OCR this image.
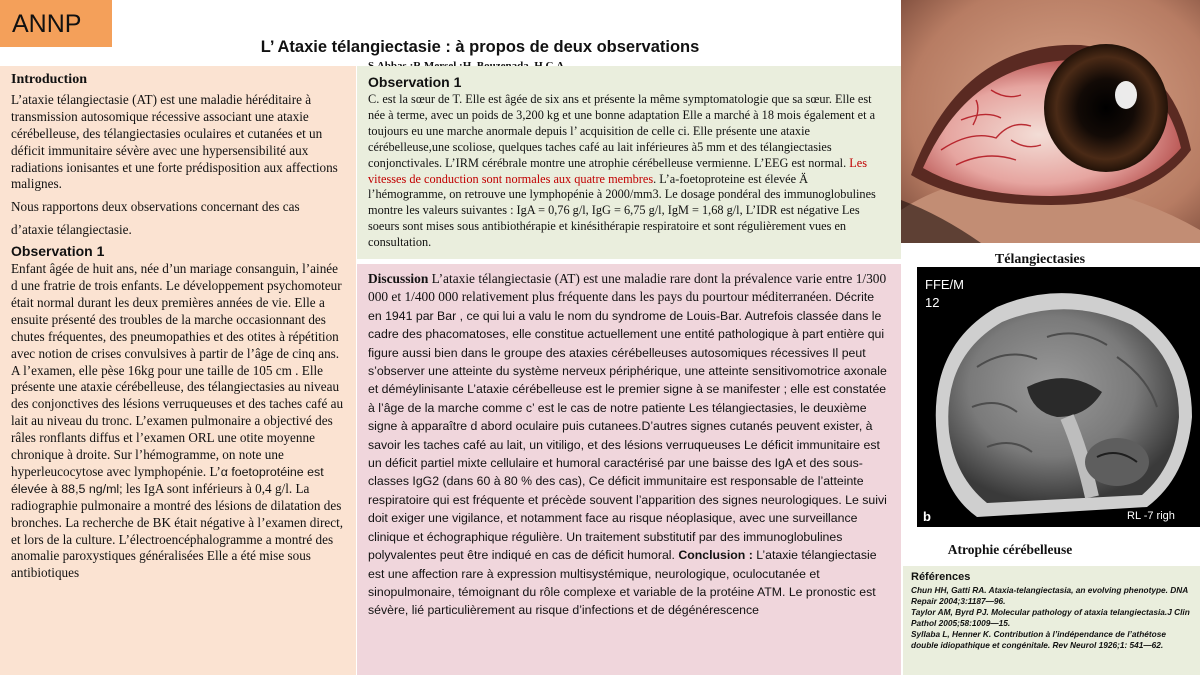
ANNP
L’ Ataxie télangiectasie : à propos de deux observations

Introduction

L’ataxie télangiectasie (AT) est une maladie héréditaire à transmission autosomique récessive associant une ataxie cérébelleuse, des télangiectasies oculaires et cutanées et un déficit immunitaire sévère avec une hypersensibilité aux radiations ionisantes et une forte prédisposition aux affections malignes.

Nous rapportons deux observations concernant des cas

d’ataxie télangiectasie.

Observation 1

Enfant âgée de huit ans, née d’un mariage consanguin, l’ainée d une fratrie de trois enfants. Le développement psychomoteur était normal durant les deux premières années de vie. Elle a ensuite présenté des troubles de la marche occasionnant des chutes fréquentes, des pneumopathies et des otites à répétition avec notion de crises convulsives à partir de l’âge de cinq ans. A l’examen, elle pèse 16kg pour une taille de 105 cm . Elle présente une ataxie cérébelleuse, des télangiectasies au niveau des conjonctives des lésions verruqueuses et des taches café au lait au niveau du tronc. L’examen pulmonaire a objectivé des râles ronflants diffus et l’examen ORL une otite moyenne chronique à droite. Sur l’hémogramme, on note une hyperleucocytose avec lymphopénie. L’α foetoprotéine est élevée à 88,5 ng/ml; les IgA sont inférieurs à 0,4 g/l. La radiographie pulmonaire a montré des lésions de dilatation des bronches. La recherche de BK était négative à l’examen direct, et lors de la culture. L’électroencéphalogramme a montré des anomalie paroxystiques généralisées Elle a été mise sous antibiotiques

Observation 1

C. est la sœur de T. Elle est âgée de six ans et présente la même symptomatologie que sa sœur. Elle est née à terme, avec un poids de 3,200 kg et une bonne adaptation Elle a marché à 18 mois également et a toujours eu une marche anormale depuis l’ acquisition de celle ci. Elle présente une ataxie cérébelleuse,une scoliose, quelques taches café au lait inférieures à5 mm et des télangiectasies conjonctivales. L’IRM cérébrale montre une atrophie cérébelleuse vermienne. L’EEG est normal. Les vitesses de conduction sont normales aux quatre membres. L’a-foetoproteine est élevée Ä l’hémogramme, on retrouve une lymphopénie à 2000/mm3. Le dosage pondéral des immunoglobulines montre les valeurs suivantes : IgA = 0,76 g/l, IgG = 6,75 g/l, IgM = 1,68 g/l, L’IDR est négative Les soeurs sont mises sous antibiothérapie et kinésithérapie respiratoire et sont régulièrement vues en consultation.

Discussion L’ataxie télangiectasie (AT) est une maladie rare dont la prévalence varie entre 1/300 000 et 1/400 000 relativement plus fréquente dans les pays du pourtour méditerranéen. Décrite en 1941 par Bar , ce qui lui a valu le nom du syndrome de Louis-Bar. Autrefois classée dans le cadre des phacomatoses, elle constitue actuellement une entité pathologique à part entière qui figure aussi bien dans le groupe des ataxies cérébelleuses autosomiques récessives Il peut s’observer une atteinte du système nerveux périphérique, une atteinte sensitivomotrice axonale et déméylinisante L’ataxie cérébelleuse est le premier signe à se manifester ; elle est constatée à l’âge de la marche comme c’ est le cas de notre patiente Les télangiectasies, le deuxième signe à apparaître d abord oculaire puis cutanees.D’autres signes cutanés peuvent exister, à savoir les taches café au lait, un vitiligo, et des lésions verruqueuses Le déficit immunitaire est un déficit partiel mixte cellulaire et humoral caractérisé par une baisse des IgA et des sous-classes IgG2 (dans 60 à 80 % des cas), Ce déficit immunitaire est responsable de l’atteinte respiratoire qui est fréquente et précède souvent l’apparition des signes neurologiques. Le suivi doit exiger une vigilance, et notamment face au risque néoplasique, avec une surveillance clinique et échographique régulière. Un traitement substitutif par des immunoglobulines polyvalentes peut être indiqué en cas de déficit humoral. Conclusion : L’ataxie télangiectasie est une affection rare à expression multisystémique, neurologique, oculocutanée et sinopulmonaire, témoignant du rôle complexe et variable de la protéine ATM. Le pronostic est sévère, lié particulièrement au risque d’infections et de dégénérescence

Télangiectasies
FFE/M
12
b	RL -7 righ
Atrophie cérébelleuse
Références
Chun HH, Gatti RA. Ataxia-telangiectasia, an evolving phenotype. DNA Repair 2004;3:1187—96.
Taylor AM, Byrd PJ. Molecular pathology of ataxia telangiectasia.J Clin Pathol 2005;58:1009—15.
Syllaba L, Henner K. Contribution à l’indépendance de l’athétose double idiopathique et congénitale. Rev Neurol 1926;1: 541—62.
